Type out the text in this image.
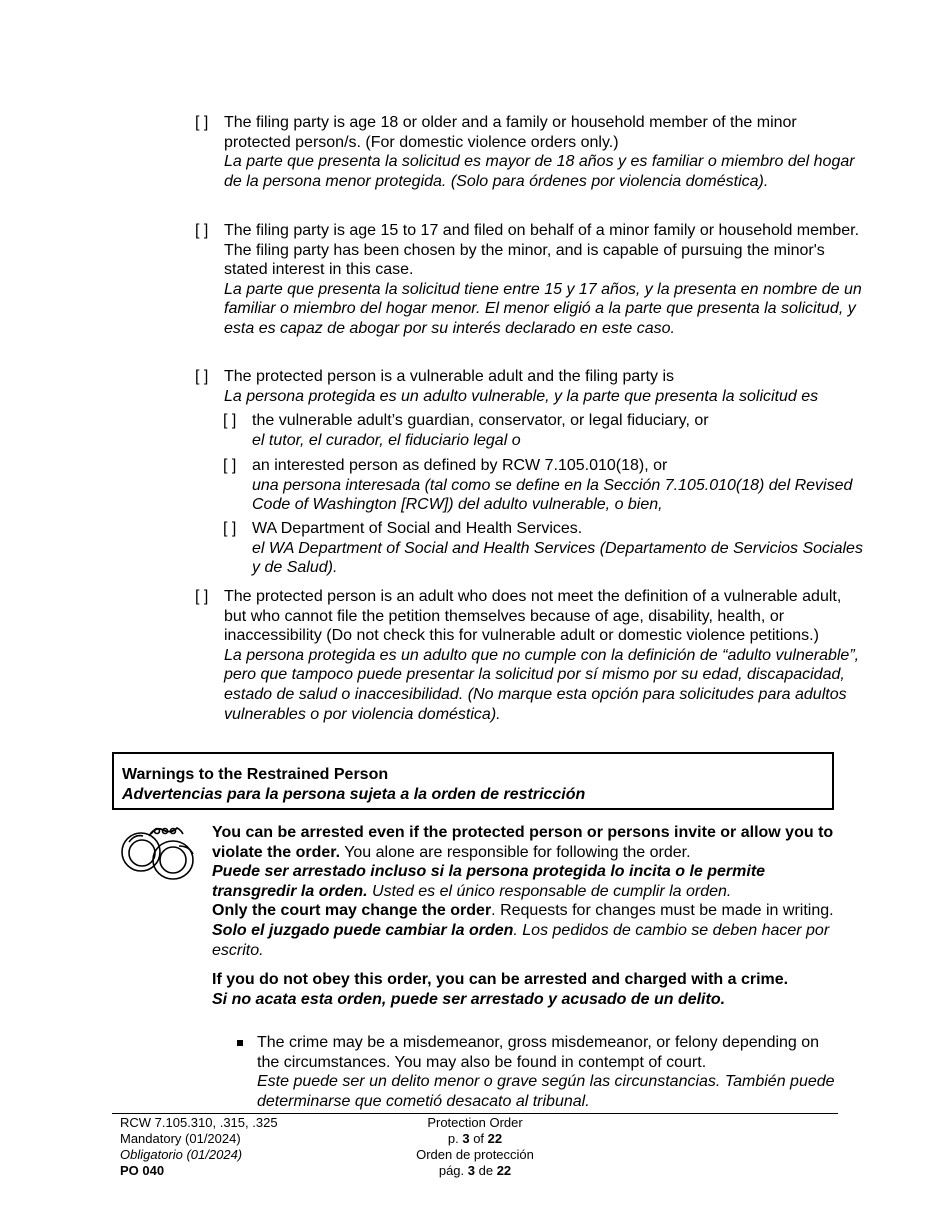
[ ] The filing party is age 18 or older and a family or household member of the minor protected person/s. (For domestic violence orders only.)
La parte que presenta la solicitud es mayor de 18 años y es familiar o miembro del hogar de la persona menor protegida. (Solo para órdenes por violencia doméstica).
[ ] The filing party is age 15 to 17 and filed on behalf of a minor family or household member. The filing party has been chosen by the minor, and is capable of pursuing the minor's stated interest in this case.
La parte que presenta la solicitud tiene entre 15 y 17 años, y la presenta en nombre de un familiar o miembro del hogar menor. El menor eligió a la parte que presenta la solicitud, y esta es capaz de abogar por su interés declarado en este caso.
[ ] The protected person is a vulnerable adult and the filing party is
La persona protegida es un adulto vulnerable, y la parte que presenta la solicitud es
[ ] the vulnerable adult’s guardian, conservator, or legal fiduciary, or
el tutor, el curador, el fiduciario legal o
[ ] an interested person as defined by RCW 7.105.010(18), or
una persona interesada (tal como se define en la Sección 7.105.010(18) del Revised Code of Washington [RCW]) del adulto vulnerable, o bien,
[ ] WA Department of Social and Health Services.
el WA Department of Social and Health Services (Departamento de Servicios Sociales y de Salud).
[ ] The protected person is an adult who does not meet the definition of a vulnerable adult, but who cannot file the petition themselves because of age, disability, health, or inaccessibility (Do not check this for vulnerable adult or domestic violence petitions.)
La persona protegida es un adulto que no cumple con la definición de “adulto vulnerable”, pero que tampoco puede presentar la solicitud por sí mismo por su edad, discapacidad, estado de salud o inaccesibilidad. (No marque esta opción para solicitudes para adultos vulnerables o por violencia doméstica).
Warnings to the Restrained Person
Advertencias para la persona sujeta a la orden de restricción

You can be arrested even if the protected person or persons invite or allow you to violate the order. You alone are responsible for following the order.

Puede ser arrestado incluso si la persona protegida lo incita o le permite transgredir la orden. Usted es el único responsable de cumplir la orden.

Only the court may change the order. Requests for changes must be made in writing.

Solo el juzgado puede cambiar la orden. Los pedidos de cambio se deben hacer por escrito.

If you do not obey this order, you can be arrested and charged with a crime.

Si no acata esta orden, puede ser arrestado y acusado de un delito.

The crime may be a misdemeanor, gross misdemeanor, or felony depending on the circumstances. You may also be found in contempt of court.
Este puede ser un delito menor o grave según las circunstancias. También puede determinarse que cometió desacato al tribunal.
RCW 7.105.310, .315, .325
Mandatory (01/2024)
Obligatorio (01/2024)
PO 040
Protection Order
p. 3 of 22
Orden de protección
pág. 3 de 22
